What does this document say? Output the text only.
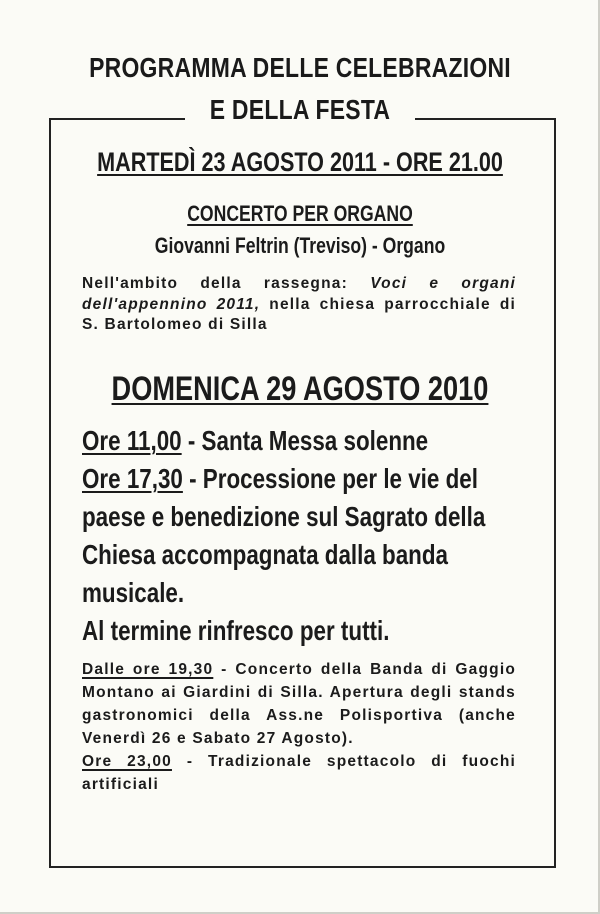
PROGRAMMA DELLE CELEBRAZIONI
E DELLA FESTA
MARTEDÌ 23 AGOSTO 2011 - ORE 21.00
CONCERTO PER ORGANO
Giovanni Feltrin (Treviso) - Organo
Nell'ambito della rassegna: Voci e organi dell'appennino 2011, nella chiesa parrocchiale di S. Bartolomeo di Silla
DOMENICA 29 AGOSTO 2010
Ore 11,00 - Santa Messa solenne
Ore 17,30 - Processione per le vie del paese e benedizione sul Sagrato della Chiesa accompagnata dalla banda musicale.
Al termine rinfresco per tutti.
Dalle ore 19,30 - Concerto della Banda di Gaggio Montano ai Giardini di Silla. Apertura degli stands gastronomici della Ass.ne Polisportiva (anche Venerdì 26 e Sabato 27 Agosto).
Ore 23,00 - Tradizionale spettacolo di fuochi artificiali
